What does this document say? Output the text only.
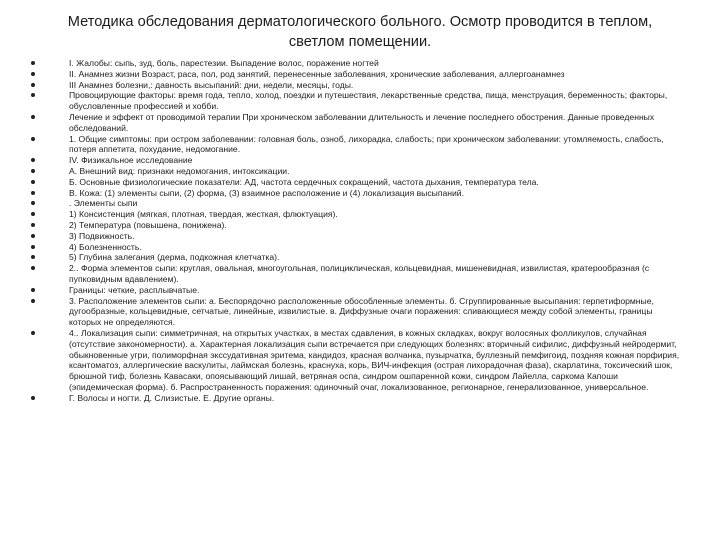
Методика обследования дерматологического больного. Осмотр проводится в теплом, светлом помещении.
I. Жалобы: сыпь, зуд, боль, парестезии. Выпадение волос, поражение ногтей
II. Анамнез жизни Возраст, раса, пол, род занятий, перенесенные заболевания, хронические заболевания, аллергоанамнез
III Анамнез болезни,: давность высыпаний: дни, недели, месяцы, годы.
Провоцирующие факторы: время года, тепло, холод, поездки и путешествия, лекарственные средства, пища, менструация, беременность; факторы, обусловленные профессией и хобби.
Лечение и эффект от проводимой терапии При хроническом заболевании длительность и лечение последнего обострения. Данные проведенных обследований.
1. Общие симптомы: при остром заболевании: головная боль, озноб, лихорадка, слабость; при хроническом заболевании: утомляемость, слабость, потеря аппетита, похудание, недомогание.
IV. Физикальное исследование
А. Внешний вид: признаки недомогания, интоксикации.
Б. Основные физиологические показатели: АД, частота сердечных сокращений, частота дыхания, температура тела.
В. Кожа: (1) элементы сыпи, (2) форма, (3) взаимное расположение и (4) локализация высыпаний.
. Элементы сыпи
1) Консистенция (мягкая, плотная, твердая, жесткая, флюктуация).
2) Температура (повышена, понижена).
3) Подвижность.
4) Болезненность.
5) Глубина залегания (дерма, подкожная клетчатка).
2.. Форма элементов сыпи: круглая, овальная, многоугольная, полициклическая, кольцевидная, мишеневидная, извилистая, кратерообразная (с пупковидным вдавлением).
Границы: четкие, расплывчатые.
3. Расположение элементов сыпи: а. Беспорядочно расположенные обособленные элементы. б. Сгруппированные высыпания: герпетиформные, дугообразные, кольцевидные, сетчатые, линейные, извилистые. в. Диффузные очаги поражения: сливающиеся между собой элементы, границы которых не определяются.
4.. Локализация сыпи: симметричная, на открытых участках, в местах сдавления, в кожных складках, вокруг волосяных фолликулов, случайная (отсутствие закономерности). а. Характерная локализация сыпи встречается при следующих болезнях: вторичный сифилис, диффузный нейродермит, обыкновенные угри, полиморфная экссудативная эритема, кандидоз, красная волчанка, пузырчатка, буллезный пемфигоид, поздняя кожная порфирия, ксантоматоз, аллергические васкулиты, лаймская болезнь, краснуха, корь, ВИЧ-инфекция (острая лихорадочная фаза), скарлатина, токсический шок, брюшной тиф, болезнь Кавасаки, опоясывающий лишай, ветряная оспа, синдром ошпаренной кожи, синдром Лайелла, саркома Капоши (эпидемическая форма). б. Распространенность поражения: одиночный очаг, локализованное, регионарное, генерализованное, универсальное.
Г. Волосы и ногти. Д. Слизистые. Е. Другие органы.
